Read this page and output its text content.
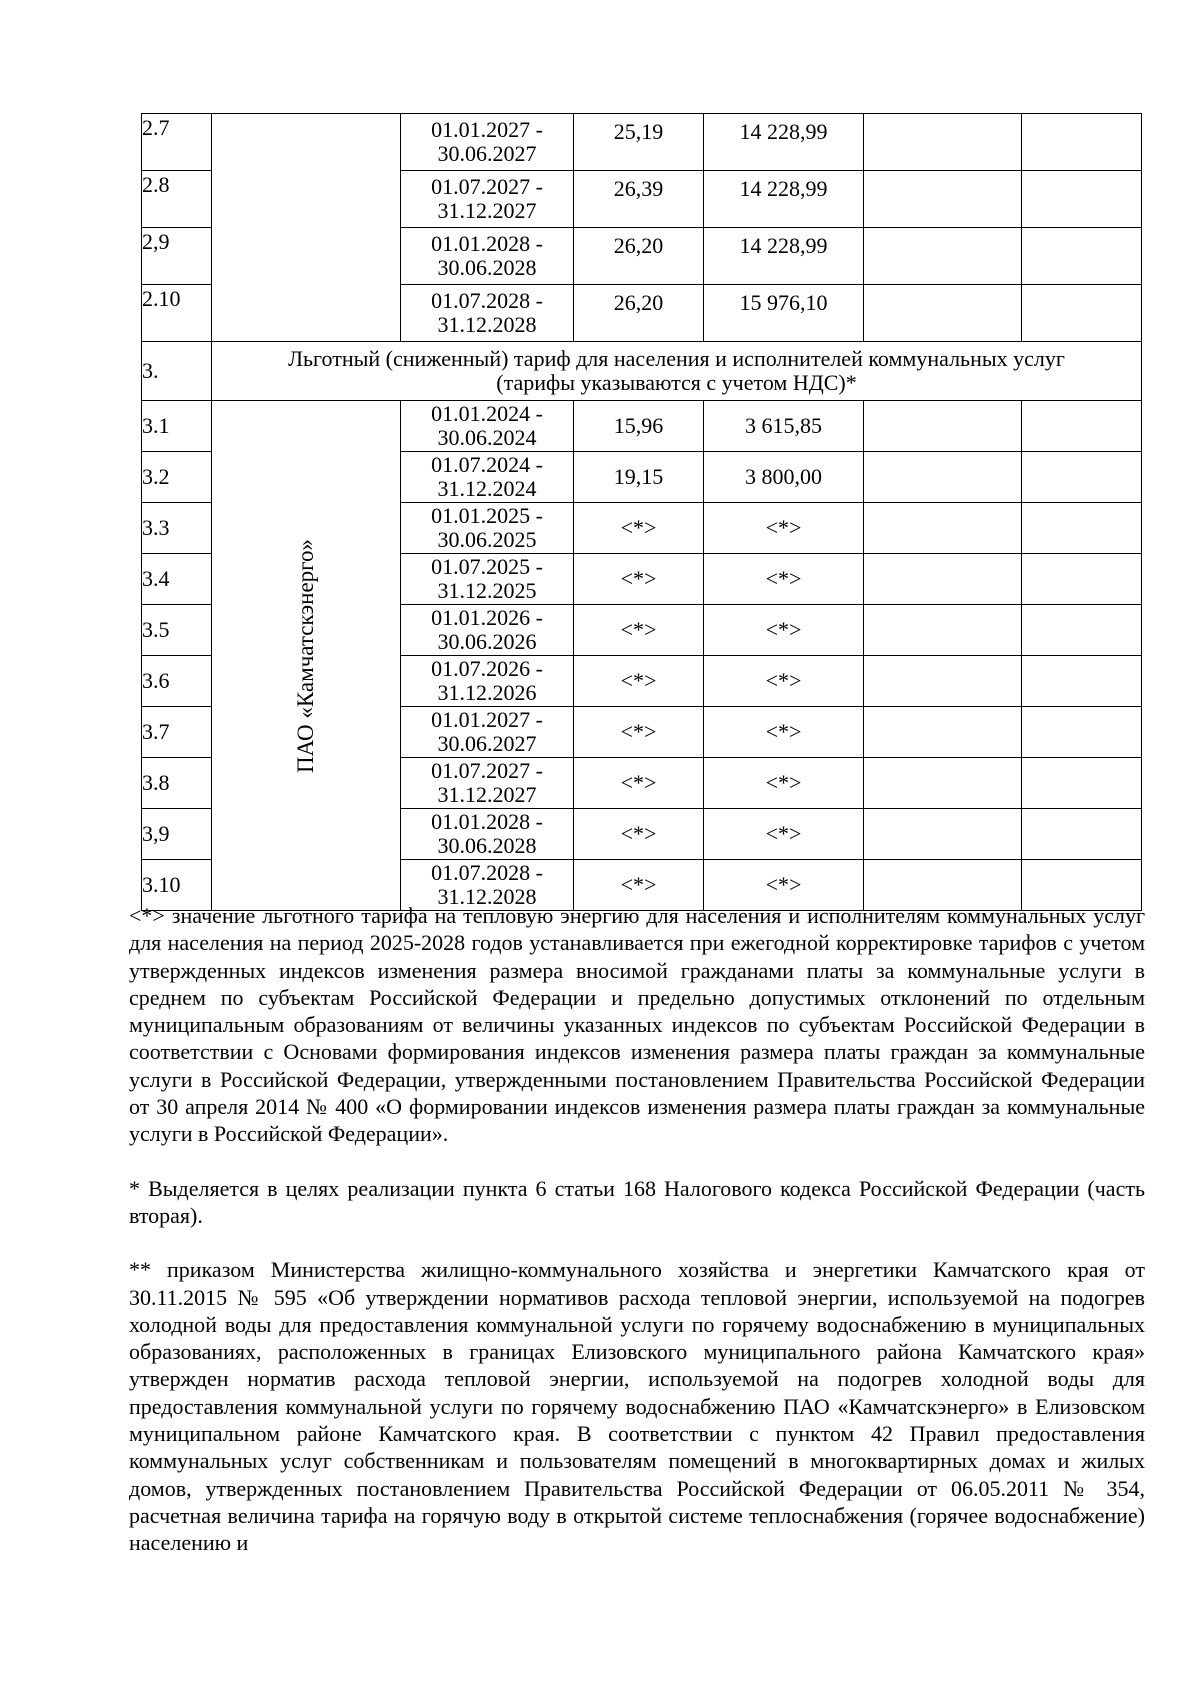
2.7		01.01.2027 -
30.06.2027	25,19	14 228,99		
2.8		01.07.2027 -
31.12.2027	26,39	14 228,99		
2,9		01.01.2028 -
30.06.2028	26,20	14 228,99		
2.10		01.07.2028 -
31.12.2028	26,20	15 976,10		
3.	Льготный (сниженный) тариф для населения и исполнителей коммунальных услуг
(тарифы указываются с учетом НДС)*					
3.1	ПАО «Камчатскэнерго»	01.01.2024 -
30.06.2024	15,96	3 615,85		
3.2		01.07.2024 -
31.12.2024	19,15	3 800,00		
3.3		01.01.2025 -
30.06.2025	<*>	<*>		
3.4		01.07.2025 -
31.12.2025	<*>	<*>		
3.5		01.01.2026 -
30.06.2026	<*>	<*>		
3.6		01.07.2026 -
31.12.2026	<*>	<*>		
3.7		01.01.2027 -
30.06.2027	<*>	<*>		
3.8		01.07.2027 -
31.12.2027	<*>	<*>		
3,9		01.01.2028 -
30.06.2028	<*>	<*>		
3.10		01.07.2028 -
31.12.2028	<*>	<*>		

<*> значение льготного тарифа на тепловую энергию для населения и исполнителям коммунальных услуг для населения на период 2025-2028 годов устанавливается при ежегодной корректировке тарифов с учетом утвержденных индексов изменения размера вносимой гражданами платы за коммунальные услуги в среднем по субъектам Российской Федерации и предельно допустимых отклонений по отдельным муниципальным образованиям от величины указанных индексов по субъектам Российской Федерации в соответствии с Основами формирования индексов изменения размера платы граждан за коммунальные услуги в Российской Федерации, утвержденными постановлением Правительства Российской Федерации от 30 апреля 2014 № 400 «О формировании индексов изменения размера платы граждан за коммунальные услуги в Российской Федерации».

* Выделяется в целях реализации пункта 6 статьи 168 Налогового кодекса Российской Федерации (часть вторая).

** приказом Министерства жилищно-коммунального хозяйства и энергетики Камчатского края от 30.11.2015 № 595 «Об утверждении нормативов расхода тепловой энергии, используемой на подогрев холодной воды для предоставления коммунальной услуги по горячему водоснабжению в муниципальных образованиях, расположенных в границах Елизовского муниципального района Камчатского края» утвержден норматив расхода тепловой энергии, используемой на подогрев холодной воды для предоставления коммунальной услуги по горячему водоснабжению ПАО «Камчатскэнерго» в Елизовском муниципальном районе Камчатского края. В соответствии с пунктом 42 Правил предоставления коммунальных услуг собственникам и пользователям помещений в многоквартирных домах и жилых домов, утвержденных постановлением Правительства Российской Федерации от 06.05.2011 № 354, расчетная величина тарифа на горячую воду в открытой системе теплоснабжения (горячее водоснабжение) населению и
